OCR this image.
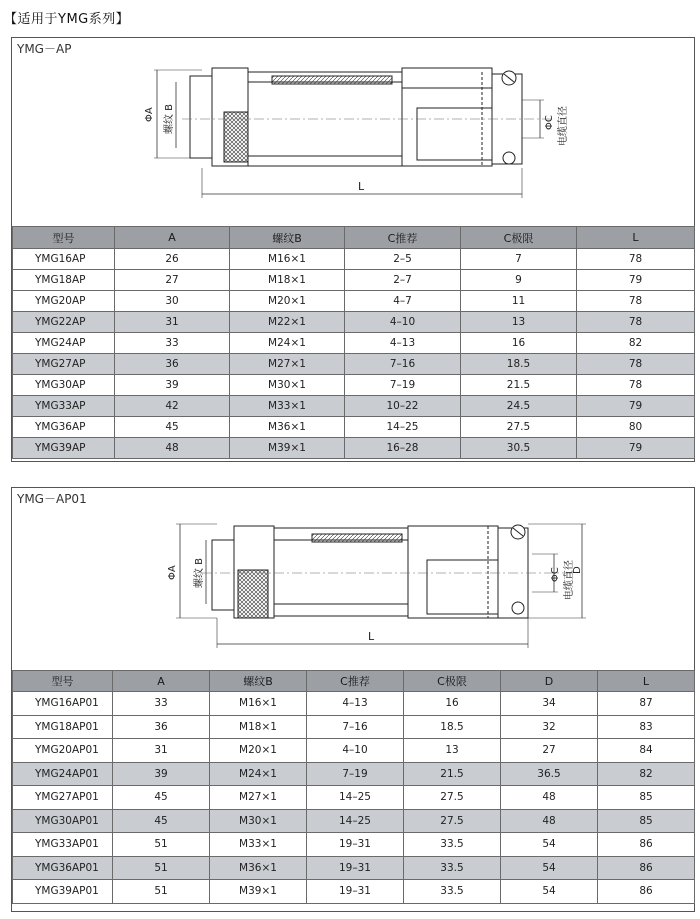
【适用于YMG系列】
YMG－AP
ΦA 螺纹 B	ΦC 电缆直径
L
型号	A	螺纹B	C推荐	C极限	L
YMG16AP	26	M16×1	2–5	7	78
YMG18AP	27	M18×1	2–7	9	79
YMG20AP	30	M20×1	4–7	11	78
YMG22AP	31	M22×1	4–10	13	78
YMG24AP	33	M24×1	4–13	16	82
YMG27AP	36	M27×1	7–16	18.5	78
YMG30AP	39	M30×1	7–19	21.5	78
YMG33AP	42	M33×1	10–22	24.5	79
YMG36AP	45	M36×1	14–25	27.5	80
YMG39AP	48	M39×1	16–28	30.5	79
YMG－AP01
ΦA 螺纹 B	ΦC 电缆直径
D
L
型号	A	螺纹B	C推荐	C极限	D	L
YMG16AP01	33	M16×1	4–13	16	34	87
YMG18AP01	36	M18×1	7–16	18.5	32	83
YMG20AP01	31	M20×1	4–10	13	27	84
YMG24AP01	39	M24×1	7–19	21.5	36.5	82
YMG27AP01	45	M27×1	14–25	27.5	48	85
YMG30AP01	45	M30×1	14–25	27.5	48	85
YMG33AP01	51	M33×1	19–31	33.5	54	86
YMG36AP01	51	M36×1	19–31	33.5	54	86
YMG39AP01	51	M39×1	19–31	33.5	54	86
